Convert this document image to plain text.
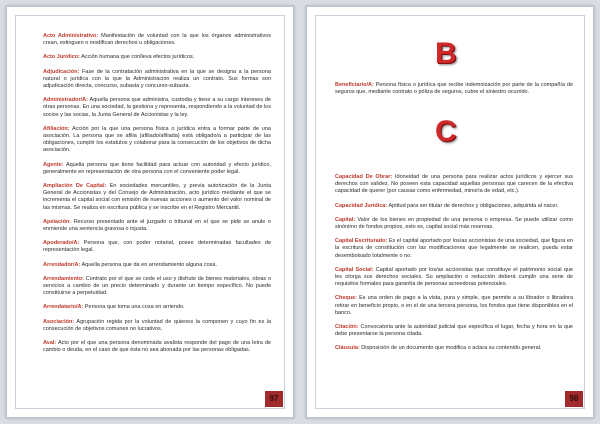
Acto Administrativo: Manifestación de voluntad con la que los órganos administrativos crean, extinguen o modifican derechos u obligaciones.

Acto Jurídico: Acción humana que conlleva efectos jurídicos.

Adjudicación: Fase de la contratación administrativa en la que se designa a la persona natural o jurídica con la que la Administración realiza un contrato. Sus formas son adjudicación directa, concurso, subasta y concurso-subasta.

Administrador/A: Aquella persona que administra, custodia y tiene a su cargo intereses de otras personas. En una sociedad, la gestiona y representa, respondiendo a la voluntad de los socios y las socias, la Junta General de Accionistas y la ley.

Afiliación: Acción por la que una persona física o jurídica entra a formar parte de una asociación. La persona que se afilia (afiliado/afiliada) está obligado/a a participar de las obligaciones, cumplir los estatutos y colaborar para la consecución de los objetivos de dicha asociación.

Agente: Aquella persona que tiene facilidad para actuar con autoridad y efecto jurídico, generalmente en representación de otra persona con el conveniente poder legal.

Ampliación De Capital: En sociedades mercantiles, y previa autorización de la Junta General de Accionistas y del Consejo de Administración, acto jurídico mediante el que se incrementa el capital social con emisión de nuevas acciones o aumento del valor nominal de las mismas. Se realiza en escritura pública y se inscribe en el Registro Mercantil.

Apelación: Recurso presentado ante el juzgado o tribunal en el que se pide se anule o enmiende una sentencia gravosa o injusta.

Apoderado/A: Persona que, con poder notarial, posee determinadas facultades de representación legal.

Arrendador/A: Aquella persona que da en arrendamiento alguna cosa.

Arrendamiento: Contrato por el que se cede el uso y disfrute de bienes materiales, obras o servicios a cambio de un precio determinado y durante un tiempo específico. No puede constituirse a perpetuidad.

Arrendatario/A: Persona que toma una cosa en arriendo.

Asociación: Agrupación regida por la voluntad de quienes la componen y cuyo fin es la consecución de objetivos comunes no lucrativos.

Aval: Acto por el que una persona denominada avalista responde del pago de una letra de cambio o deuda, en el caso de que ésta no sea abonada por las personas obligadas.

97
B

Beneficiario/A: Persona física o jurídica que recibe indemnización por parte de la compañía de seguros que, mediante contrato o póliza de seguros, cubre el siniestro ocurrido.

C

Capacidad De Obrar: Idoneidad de una persona para realizar actos jurídicos y ejercer sus derechos con validez. No poseen esta capacidad aquellas personas que carecen de la efectiva capacidad de querer (por causas como enfermedad, minoría de edad, etc.).

Capacidad Jurídica: Aptitud para ser titular de derechos y obligaciones, adquirida al nacer.

Capital: Valor de los bienes en propiedad de una persona o empresa. Se puede utilizar como sinónimo de fondos propios, esto es, capital social más reservas.

Capital Escriturado: Es el capital aportado por los/as accionistas de una sociedad, que figura en la escritura de constitución con las modificaciones que legalmente se realicen, pueda estar desembolsado totalmente o no.

Capital Social: Capital aportado por los/as accionistas que constituye el patrimonio social que les otorga sus derechos sociales. Su ampliación o reducción deberá cumplir una serie de requisitos formales para garantía de personas acreedoras potenciales.

Cheque: Es una orden de pago a la vista, pura y simple, que permite a su librador o libradora retirar en beneficio propio, o en el de una tercera persona, los fondos que tiene disponibles en el banco.

Citación: Convocatoria ante la autoridad judicial que especifica el lugar, fecha y hora en la que debe presentarse la persona citada.

Cláusula: Disposición de un documento que modifica o aclara su contenido general.

98
